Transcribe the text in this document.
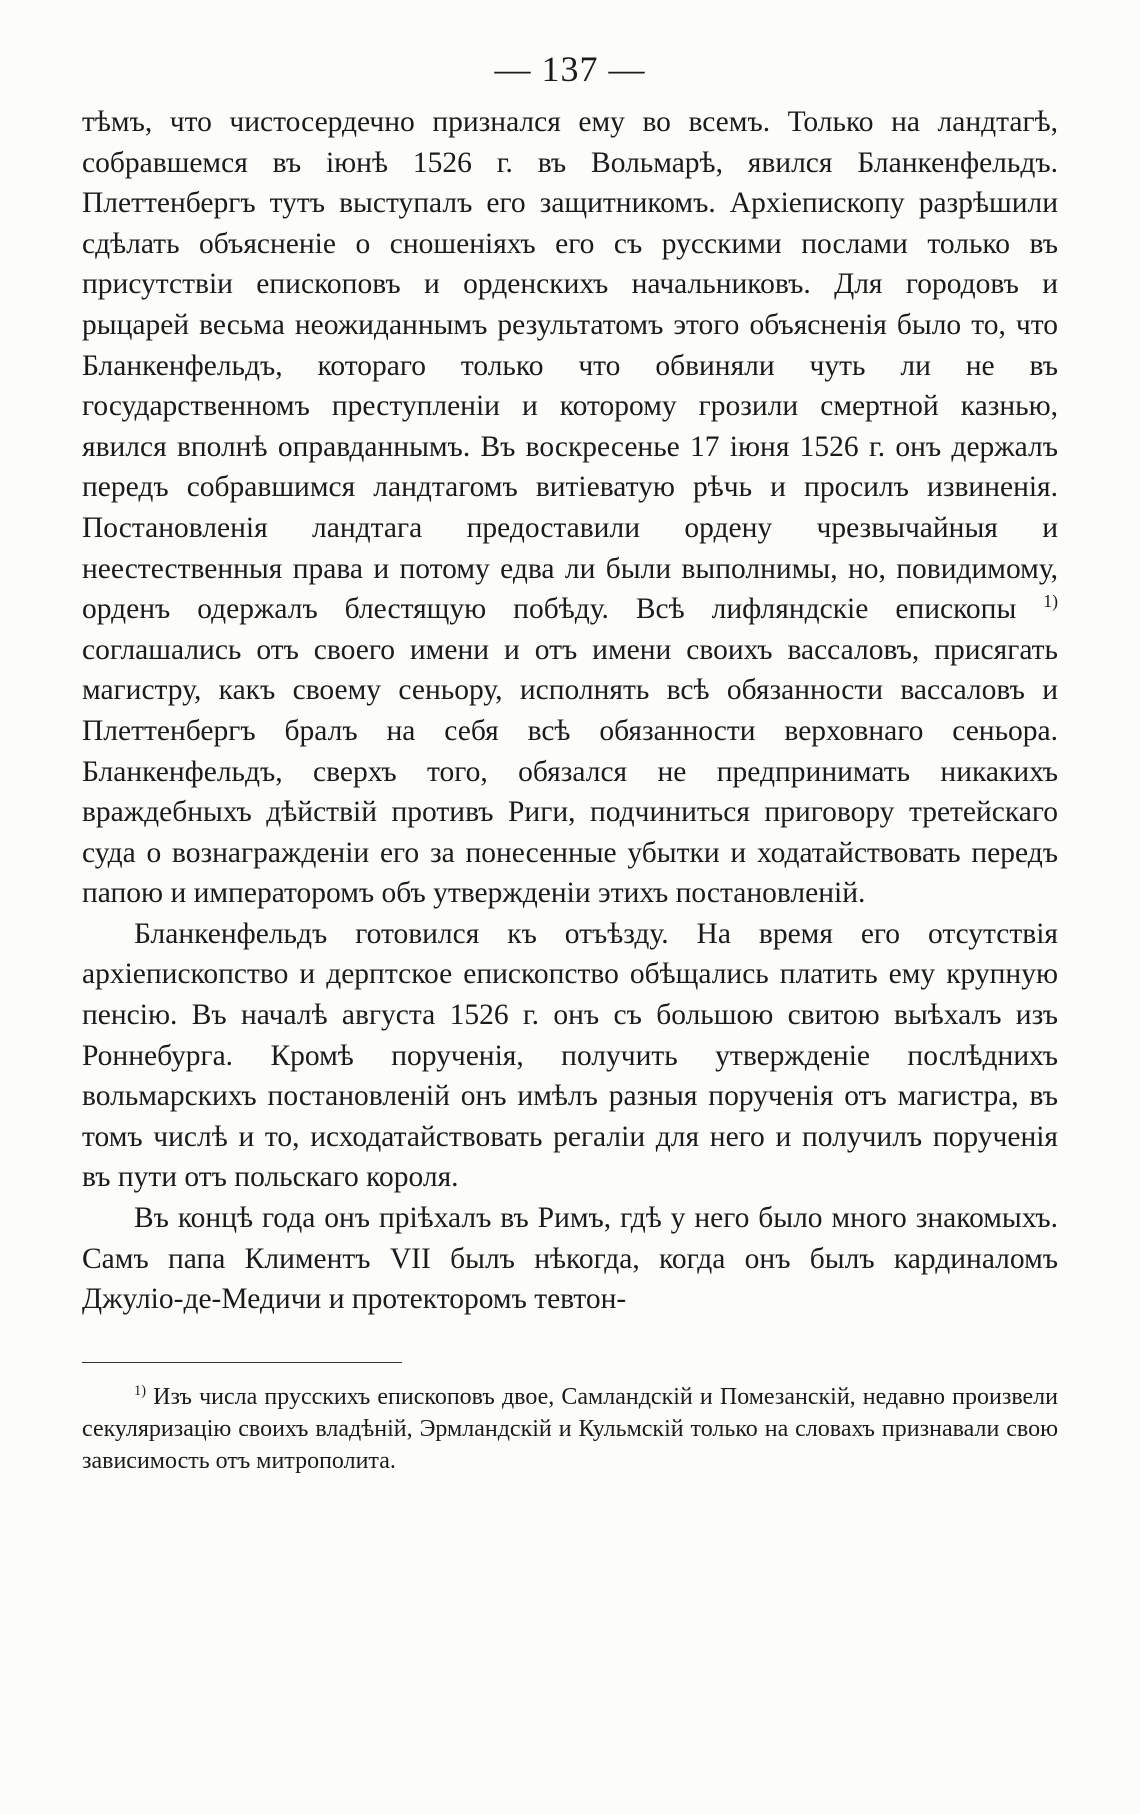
— 137 —

тѣмъ, что чистосердечно признался ему во всемъ. Только на ландтагѣ, собравшемся въ іюнѣ 1526 г. въ Вольмарѣ, явился Бланкенфельдъ. Плеттенбергъ тутъ выступалъ его защитникомъ. Архіепископу разрѣшили сдѣлать объясненіе о сношеніяхъ его съ русскими послами только въ присутствіи епископовъ и орденскихъ начальниковъ. Для городовъ и рыцарей весьма неожиданнымъ результатомъ этого объясненія было то, что Бланкенфельдъ, котораго только что обвиняли чуть ли не въ государственномъ преступленіи и которому грозили смертной казнью, явился вполнѣ оправданнымъ. Въ воскресенье 17 іюня 1526 г. онъ держалъ передъ собравшимся ландтагомъ витіеватую рѣчь и просилъ извиненія. Постановленія ландтага предоставили ордену чрезвычайныя и неестественныя права и потому едва ли были выполнимы, но, повидимому, орденъ одержалъ блестящую побѣду. Всѣ лифляндскіе епископы $^{1)}$ соглашались отъ своего имени и отъ имени своихъ вассаловъ, присягать магистру, какъ своему сеньору, исполнять всѣ обязанности вассаловъ и Плеттенбергъ бралъ на себя всѣ обязанности верховнаго сеньора. Бланкенфельдъ, сверхъ того, обязался не предпринимать никакихъ враждебныхъ дѣйствій противъ Риги, подчиниться приговору третейскаго суда о вознагражденіи его за понесенные убытки и ходатайствовать передъ папою и императоромъ объ утвержденіи этихъ постановленій.

Бланкенфельдъ готовился къ отъѣзду. На время его отсутствія архіепископство и дерптское епископство обѣщались платить ему крупную пенсію. Въ началѣ августа 1526 г. онъ съ большою свитою выѣхалъ изъ Роннебурга. Кромѣ порученія, получить утвержденіе послѣднихъ вольмарскихъ постановленій онъ имѣлъ разныя порученія отъ магистра, въ томъ числѣ и то, исходатайствовать регаліи для него и получилъ порученія въ пути отъ польскаго короля.

Въ концѣ года онъ пріѣхалъ въ Римъ, гдѣ у него было много знакомыхъ. Самъ папа Климентъ VII былъ нѣкогда, когда онъ былъ кардиналомъ Джуліо-де-Медичи и протекторомъ тевтон-

$^{1)}$ Изъ числа прусскихъ епископовъ двое, Самландскій и Помезанскій, недавно произвели секуляризацію своихъ владѣній, Эрмландскій и Кульмскій только на словахъ признавали свою зависимость отъ митрополита.
